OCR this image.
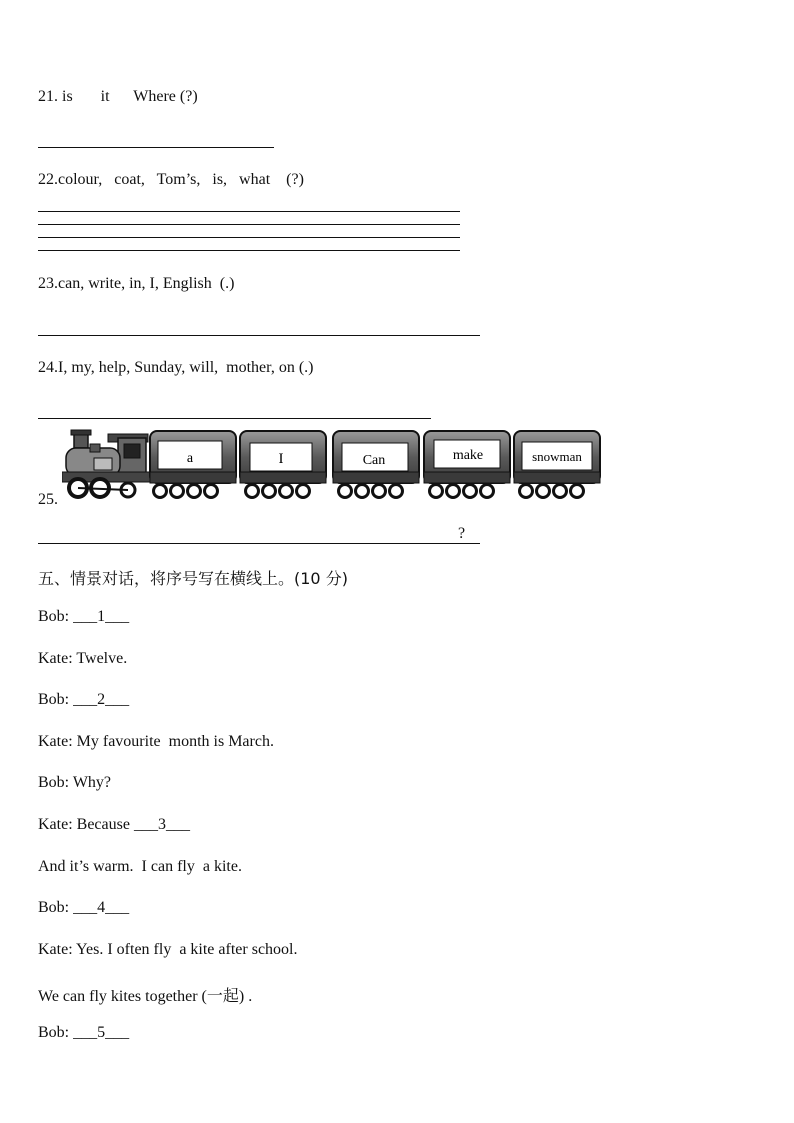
21. is       it      Where (?)
22.colour,   coat,   Tom’s,   is,   what    (?)
23.can, write, in, I, English  (.)
24.I, my, help, Sunday, will,  mother, on (.)
25.
a	I	Can	make	snowman
?
五、情景对话，将序号写在横线上。(10 分)
Bob: ___1___
Kate: Twelve.
Bob: ___2___
Kate: My favourite  month is March.
Bob: Why?
Kate: Because ___3___
And it’s warm.  I can fly  a kite.
Bob: ___4___
Kate: Yes. I often fly  a kite after school.
We can fly kites together (一起) .
Bob: ___5___
